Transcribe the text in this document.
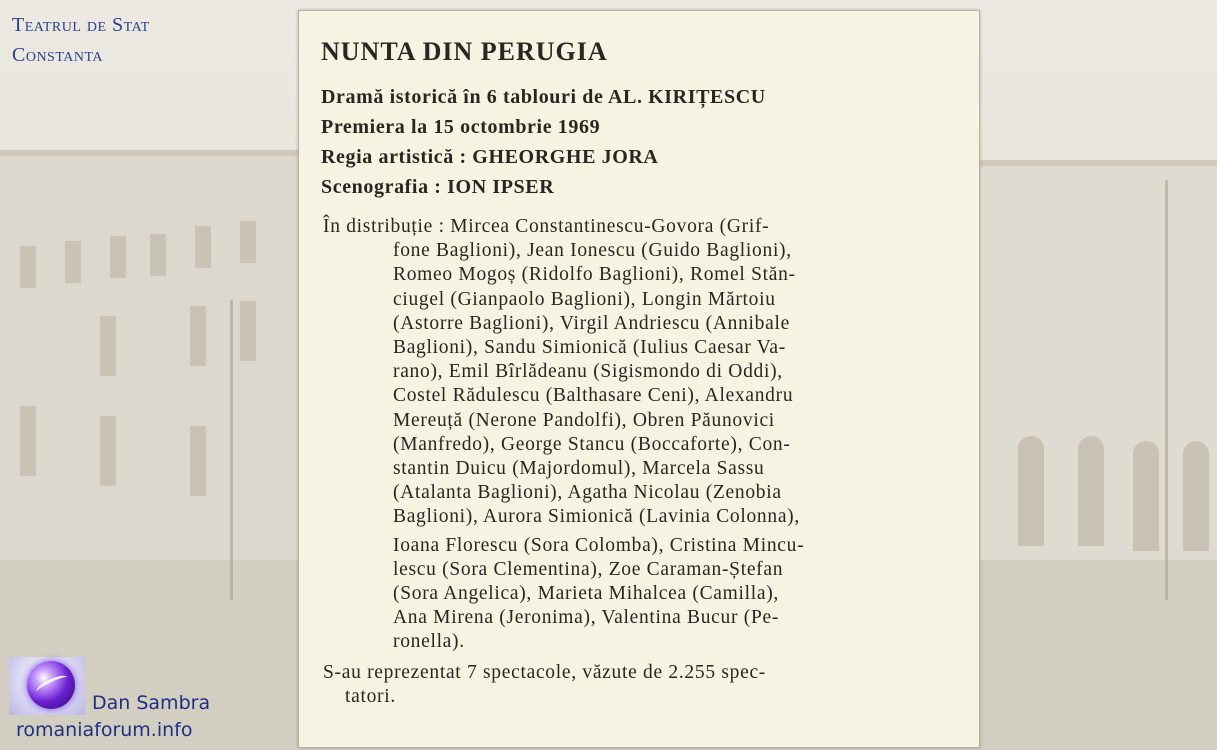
Teatrul de Stat
Constanta
Dan Sambra
romaniaforum.info
NUNTA DIN PERUGIA
Dramă istorică în 6 tablouri de AL. KIRIȚESCU
Premiera la 15 octombrie 1969
Regia artistică : GHEORGHE JORA
Scenografia : ION IPSER
În distribuție : Mircea Constantinescu-Govora (Grif-
fone Baglioni), Jean Ionescu (Guido Baglioni),
Romeo Mogoș (Ridolfo Baglioni), Romel Stăn-
ciugel (Gianpaolo Baglioni), Longin Mărtoiu
(Astorre Baglioni), Virgil Andriescu (Annibale
Baglioni), Sandu Simionică (Iulius Caesar Va-
rano), Emil Bîrlădeanu (Sigismondo di Oddi),
Costel Rădulescu (Balthasare Ceni), Alexandru
Mereuță (Nerone Pandolfi), Obren Păunovici
(Manfredo), George Stancu (Boccaforte), Con-
stantin Duicu (Majordomul), Marcela Sassu
(Atalanta Baglioni), Agatha Nicolau (Zenobia
Baglioni), Aurora Simionică (Lavinia Colonna),
Ioana Florescu (Sora Colomba), Cristina Mincu-
lescu (Sora Clementina), Zoe Caraman-Ștefan
(Sora Angelica), Marieta Mihalcea (Camilla),
Ana Mirena (Jeronima), Valentina Bucur (Pe-
ronella).
S-au reprezentat 7 spectacole, văzute de 2.255 spec-
tatori.
